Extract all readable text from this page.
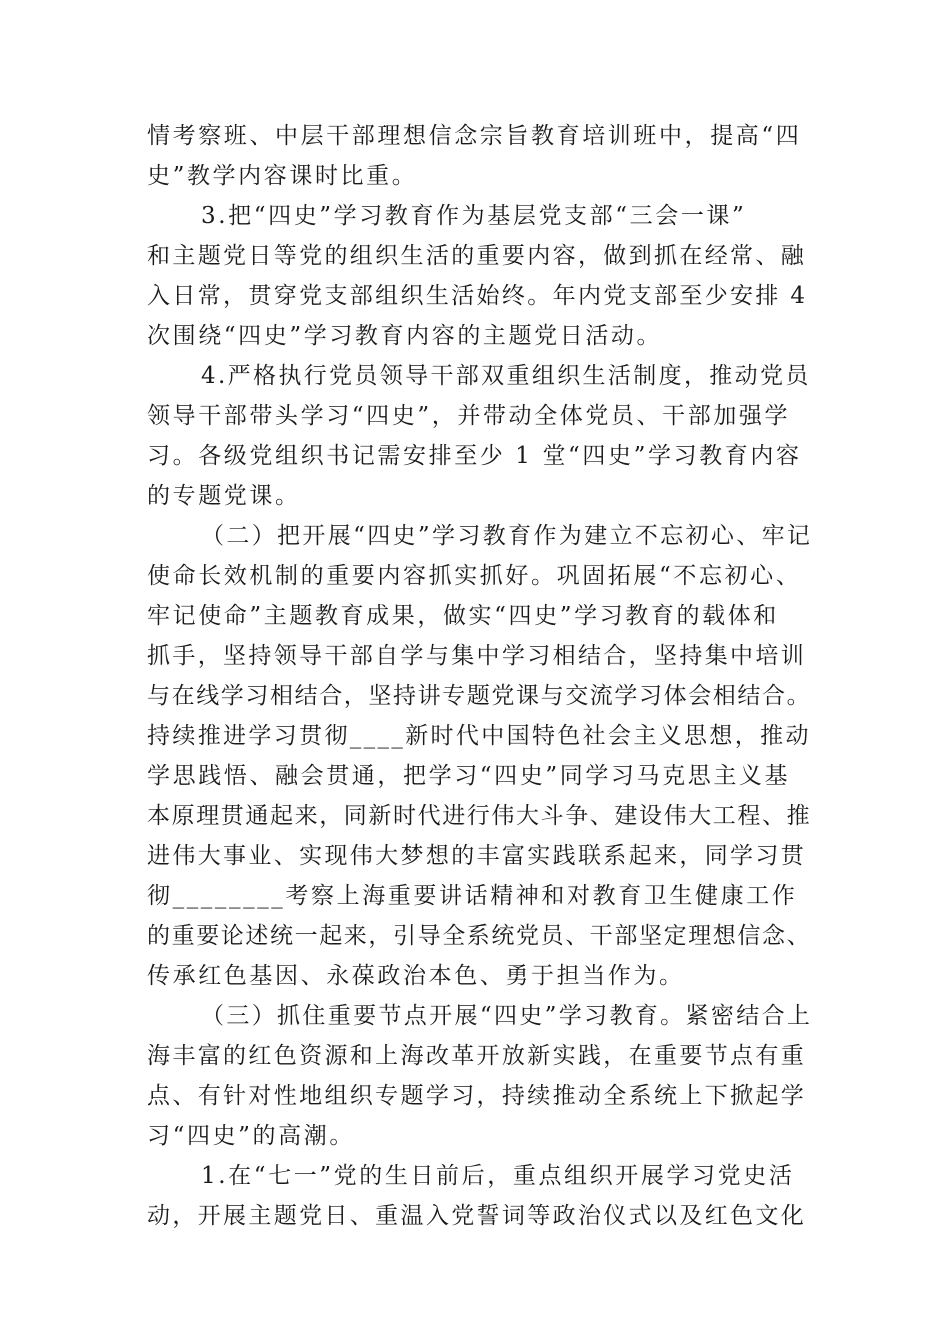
情考察班、中层干部理想信念宗旨教育培训班中，提高“四
史”教学内容课时比重。
3.把“四史”学习教育作为基层党支部“三会一课”
和主题党日等党的组织生活的重要内容，做到抓在经常、融
入日常，贯穿党支部组织生活始终。年内党支部至少安排 4
次围绕“四史”学习教育内容的主题党日活动。
4.严格执行党员领导干部双重组织生活制度，推动党员
领导干部带头学习“四史”，并带动全体党员、干部加强学
习。各级党组织书记需安排至少 1 堂“四史”学习教育内容
的专题党课。
（二）把开展“四史”学习教育作为建立不忘初心、牢记
使命长效机制的重要内容抓实抓好。巩固拓展“不忘初心、
牢记使命”主题教育成果，做实“四史”学习教育的载体和
抓手，坚持领导干部自学与集中学习相结合，坚持集中培训
与在线学习相结合，坚持讲专题党课与交流学习体会相结合。
持续推进学习贯彻____新时代中国特色社会主义思想，推动
学思践悟、融会贯通，把学习“四史”同学习马克思主义基
本原理贯通起来，同新时代进行伟大斗争、建设伟大工程、推
进伟大事业、实现伟大梦想的丰富实践联系起来，同学习贯
彻________考察上海重要讲话精神和对教育卫生健康工作
的重要论述统一起来，引导全系统党员、干部坚定理想信念、
传承红色基因、永葆政治本色、勇于担当作为。
（三）抓住重要节点开展“四史”学习教育。紧密结合上
海丰富的红色资源和上海改革开放新实践，在重要节点有重
点、有针对性地组织专题学习，持续推动全系统上下掀起学
习“四史”的高潮。
1.在“七一”党的生日前后，重点组织开展学习党史活
动，开展主题党日、重温入党誓词等政治仪式以及红色文化
